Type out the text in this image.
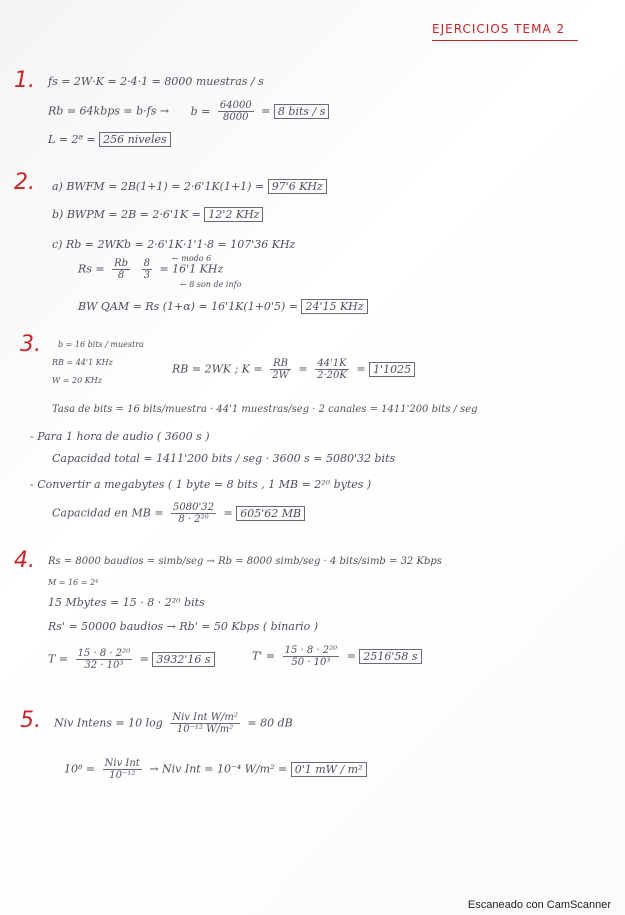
EJERCICIOS TEMA 2
1. fs = 2W·K = 2·4·1 = 8000 muestras / s
Rb = 64kbps = $b\cdot fs \to b = \frac{64000}{8000} = 8$ bits / s
L = 2⁸ = 256 niveles
2. a) BWFM = 2B(1+1) = 2·6'1K(1+1) = 97'6 KHz
b) BWPM = 2B = 2·6'1K = 12'2 KHz
c) Rb = 2WKb = 2·6'1K·1'1·8 = 107'36 KHz
$Rs = \frac{Rb}{8}$
$\frac{8}{3} = 16'1$ KHz
← modo 6
← 8 son de info
BW QAM = Rs (1+α) = 16'1K(1+0'5) = 24'15 KHz
3. b = 16 bits / muestra
RB = 44'1 KHz
W = 20 KHz
RB = 2WK ; $K = \frac{RB}{2W} = \frac{44'1K}{2\cdot 20K} = 1'1025$
Tasa de bits = 16 bits/muestra · 44'1 muestras/seg · 2 canales = 1411'200 bits / seg
- Para 1 hora de audio ( 3600 s )
Capacidad total = 1411'200 bits / seg · 3600 s = 5080'32 bits
- Convertir a megabytes ( 1 byte = 8 bits , 1 MB = 2²⁰ bytes )
Capacidad en MB = $\frac{5080'32}{\text{8 · 2²⁰}} = 605'62$ MB
4. Rs = 8000 baudios = simb/seg → Rb = 8000 simb/seg · 4 bits/simb = 32 Kbps
M = 16 = 2⁴
15 Mbytes = 15 · 8 · 2²⁰ bits
Rs' = 50000 baudios → Rb' = 50 Kbps ( binario )
$T = \frac{\text{15 · 8 · 2²⁰}}{\text{32 · 10³}} = 3932'16$ s	$T' = \frac{\text{15 · 8 · 2²⁰}}{\text{50 · 10³}} = 2516'58$ s
5. Niv Intens = 10 $\log \frac{\text{Niv Int W/m²}}{\text{10⁻¹² W/m²}} = 80$ dB
$10^8 = \frac{\text{Niv Int}}{\text{10⁻¹²}}$ → Niv Int = 10⁻⁴ W/m² = 0'1 mW / m²
Escaneado con CamScanner
